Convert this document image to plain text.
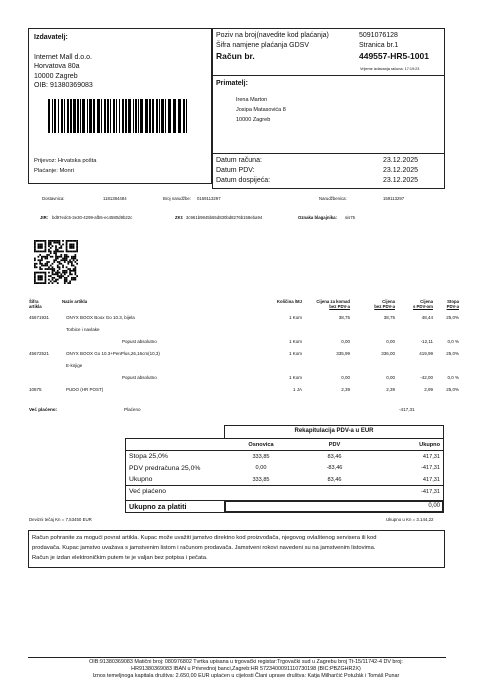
Izdavatelj:
Internet Mall d.o.o.
Horvatova 80a
10000 Zagreb
OIB: 91380369083
Prijevoz: Hrvatska pošta
Plaćanje: Monri
Poziv na broj(navedite kod plaćanja)	5091076128
Šifra namjene plaćanja GDSV	Stranica br.1
Račun br.	449557-HR5-1001
Vrijeme izdavanja računa: 17:19:23
Primatelj:
Irena Marton
Josipa Matasovića 8
10000 Zagreb
Datum računa:	23.12.2025
Datum PDV:	23.12.2025
Datum dospijeća:	23.12.2025
Dostavnica:	1181384484	Broj narudžbe: 0159113297	Narudžbenica:	159113297
JIR: bd97edc5-3e30-4299-afb5-ec4580d9b22c	ZKI: 3c961b9845b65d830bd8276b158eba94	Oznaka blagajnika: sis75
Šifra	Naziv artikla	Količina /MJ	Cijena za komad	Cijena	Cijena	Stopa
artikla			bez PDV-a	bez PDV-a	s PDV-om	PDV-a
45671931	ONYX BOOX Boox Go 10.3, bijela	1 Kom	38,75	38,75	48,44	25,0%
	Torbice i navlake					
	Popust absolutno	1 Kom	0,00	0,00	-12,11	0,0 %
45672521	ONYX BOOX Go 10.3+PenPlus,26,16cm(10,3)	1 Kom	335,99	336,00	419,99	25,0%
	E-knjige					
	Popust absolutno	1 Kom	0,00	0,00	-42,00	0,0 %
10875	PUDO (HR POST)	1 JA	2,39	2,39	2,99	25,0%
Već plaćeno:	Plaćeno	-417,31
Rekapitulacija PDV-a u EUR
	Osnovica	PDV	Ukupno
Stopa 25,0%	333,85	83,46	417,31
PDV predračuna 25,0%	0,00	-83,46	-417,31
Ukupno	333,85	83,46	417,31
Već plaćeno			-417,31
Ukupno za platiti	0,00
Devizni tečaj Kn = 7,53450 EUR	Ukupno u Kn = 3.144,22
Račun pohranite za mogući povrat artikla. Kupac može uvažiti jamstvo direktno kod proizvođača, njegovog ovlaštenog servisera ili kod
prodavača. Kupac jamstvo uvažava s jamstvenim listom i računom prodavača. Jamstveni rokovi navedeni su na jamstvenim listovima.
Račun je izdan elektroničkim putem te je valjan bez potpisa i pečata.
OIB:91380369083 Matični broj: 080976802 Tvrtka upisana u trgovački registar:Trgovački sud u Zagrebu broj Tt-15/11742-4 DV broj:
HR91380369083 IBAN u Privrednoj banci,Zagreb:HR 5723400091110730198 (BIC:PBZGHR2X)
Iznos temeljnoga kapitala društva: 2.650,00 EUR uplaćen u cijelosti Člani uprave društva: Katja Milharčić Potužák i Tomáš Punar
